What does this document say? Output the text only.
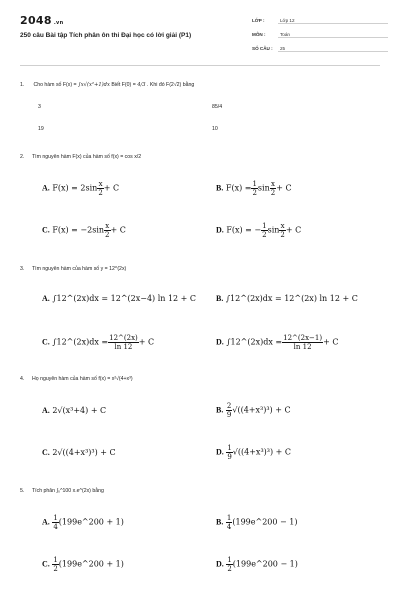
2048 .vn
250 câu Bài tập Tích phân ôn thi Đại học có lời giải (P1)
LỚP :	Lớp 12
MÔN :	Toán
SỐ CÂU : 25
1. Cho hàm số F(x) = ∫x√(x²+1)dx Biết F(0) = 4/3 . Khi đó F(2√2) bằng
3	85/4
19	10
2. Tìm nguyên hàm F(x) của hàm số f(x) = cos x/2
A. $F(x) = 2\sin \frac{x}{2} + C$	B. $F(x) = \frac{1}{2}$ $\sin \frac{x}{2} + C$
C. $F(x) = -2\sin \frac{x}{2} + C$	D. F(x) = − $\frac{1}{2}$ $\sin \frac{x}{2} + C$
3. Tìm nguyên hàm của hàm số y = 12^(2x)
A. ∫12^(2x)dx = 12^(2x−4) ln 12 + C B. ∫12^(2x)dx = 12^(2x) ln 12 + C
C. ∫12^(2x)dx = $\frac{12\^{}(2x)}{\ln 12} + C$	D. ∫12^(2x)dx = $\frac{12\^{}(2x-1)}{\ln 12} + C$
4. Họ nguyên hàm của hàm số f(x) = x²√(4+x³)
A. 2√(x³+4) + C	B. $\frac{2}{9} √((4+x^3)^3) + C$
C. 2√((4+x³)³) + C	D. $\frac{1}{9} √((4+x^3)^3) + C$
5. Tích phân ∫₀^100 x.e^(2x) bằng
A. $\frac{1}{4}$ (199e^200 + 1)	B. $\frac{1}{4}$ (199e^200 − 1)
C. $\frac{1}{2}$ (199e^200 + 1)	D. $\frac{1}{2}$ (199e^200 − 1)
